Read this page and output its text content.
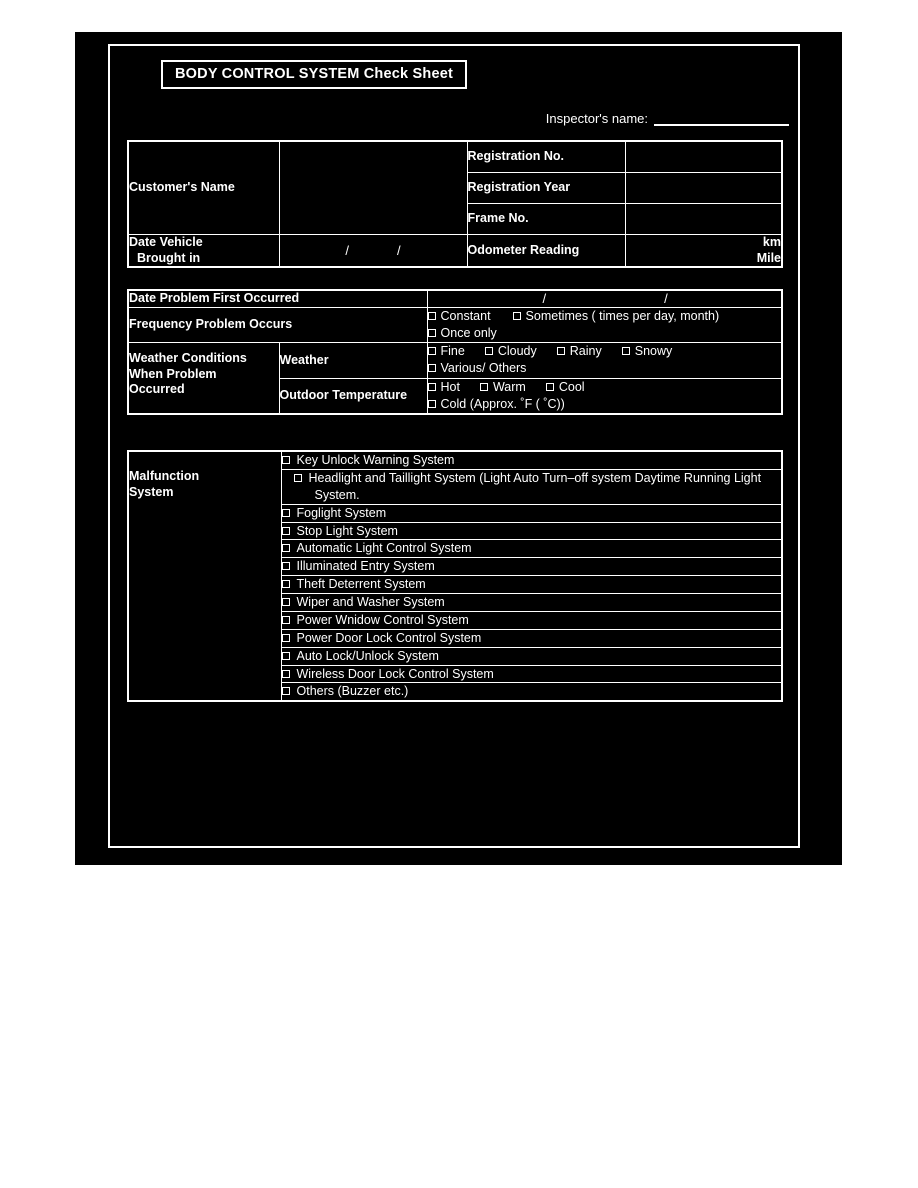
BODY CONTROL SYSTEM Check Sheet
Inspector's name:
Customer's Name		Registration No.	
		Registration Year	
		Frame No.	
Date Vehicle
Brought in	/ /	Odometer Reading	km
Mile
Date Problem First Occurred		/ /

Frequency Problem Occurs		Constant Sometimes ( times per day, month)
Once only
Weather Conditions
When Problem
Occurred	Weather	Fine Cloudy Rainy Snowy
Various/ Others
	Outdoor Temperature	Hot Warm Cool
Cold (Approx. ˚F ( ˚C))
Malfunction
System
	Key Unlock Warning System
Headlight and Taillight System (Light Auto Turn–off system Daytime Running Light System.
Foglight System
Stop Light System
Automatic Light Control System
Illuminated Entry System
Theft Deterrent System
Wiper and Washer System
Power Wnidow Control System
Power Door Lock Control System
Auto Lock/Unlock System
Wireless Door Lock Control System
Others (Buzzer etc.)
